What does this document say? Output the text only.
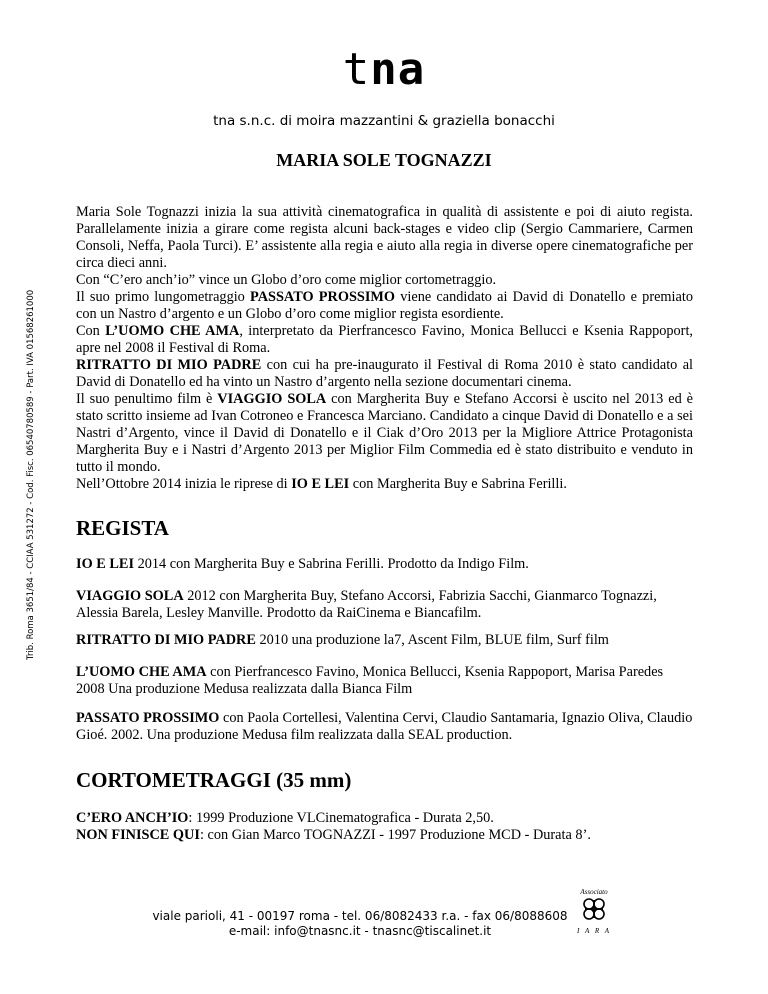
tna
tna s.n.c. di moira mazzantini & graziella bonacchi
Trib. Roma 3651/84 - CCIAA 531272 - Cod. Fisc. 06540780589 - Part. IVA 01568261000
MARIA SOLE TOGNAZZI

Maria Sole Tognazzi inizia la sua attività cinematografica in qualità di assistente e poi di aiuto regista. Parallelamente inizia a girare come regista alcuni back-stages e video clip (Sergio Cammariere, Carmen Consoli, Neffa, Paola Turci). E’ assistente alla regia e aiuto alla regia in diverse opere cinematografiche per circa dieci anni.

Con “C’ero anch’io” vince un Globo d’oro come miglior cortometraggio.

Il suo primo lungometraggio PASSATO PROSSIMO viene candidato ai David di Donatello e premiato con un Nastro d’argento e un Globo d’oro come miglior regista esordiente.

Con L’UOMO CHE AMA, interpretato da Pierfrancesco Favino, Monica Bellucci e Ksenia Rappoport, apre nel 2008 il Festival di Roma.

RITRATTO DI MIO PADRE con cui ha pre-inaugurato il Festival di Roma 2010 è stato candidato al David di Donatello ed ha vinto un Nastro d’argento nella sezione documentari cinema.

Il suo penultimo film è VIAGGIO SOLA con Margherita Buy e Stefano Accorsi è uscito nel 2013 ed è stato scritto insieme ad Ivan Cotroneo e Francesca Marciano. Candidato a cinque David di Donatello e a sei Nastri d’Argento, vince il David di Donatello e il Ciak d’Oro 2013 per la Migliore Attrice Protagonista Margherita Buy e i Nastri d’Argento 2013 per Miglior Film Commedia ed è stato distribuito e venduto in tutto il mondo.

Nell’Ottobre 2014 inizia le riprese di IO E LEI con Margherita Buy e Sabrina Ferilli.

REGISTA
IO E LEI 2014 con Margherita Buy e Sabrina Ferilli. Prodotto da Indigo Film.
VIAGGIO SOLA 2012 con Margherita Buy, Stefano Accorsi, Fabrizia Sacchi, Gianmarco Tognazzi, Alessia Barela, Lesley Manville. Prodotto da RaiCinema e Biancafilm.
RITRATTO DI MIO PADRE 2010 una produzione la7, Ascent Film, BLUE film, Surf film
L’UOMO CHE AMA con Pierfrancesco Favino, Monica Bellucci, Ksenia Rappoport, Marisa Paredes 2008 Una produzione Medusa realizzata dalla Bianca Film
PASSATO PROSSIMO con Paola Cortellesi, Valentina Cervi, Claudio Santamaria, Ignazio Oliva, Claudio Gioé. 2002. Una produzione Medusa film realizzata dalla SEAL production.
CORTOMETRAGGI (35 mm)
C’ERO ANCH’IO: 1999 Produzione VLCinematografica - Durata 2,50.
NON FINISCE QUI: con Gian Marco TOGNAZZI - 1997 Produzione MCD - Durata 8’.
viale parioli, 41 - 00197 roma - tel. 06/8082433 r.a. - fax 06/8088608
e-mail: info@tnasnc.it - tnasnc@tiscalinet.it
Associato
I A R A
